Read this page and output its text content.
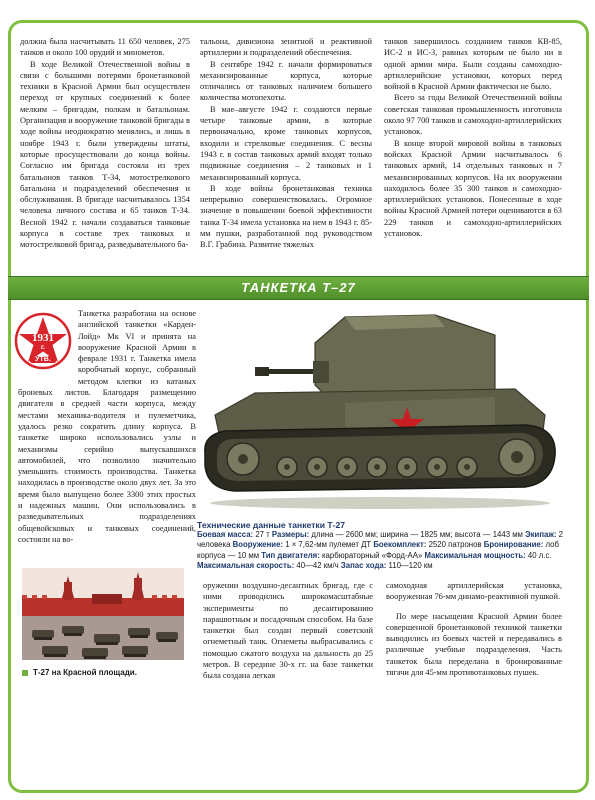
должна была насчитывать 11 650 человек, 275 танков и около 100 орудий и минометов.

В ходе Великой Отечественной войны в связи с большими потерями бронетанковой техники в Красной Армии был осуществлен переход от крупных соединений к более мелким – бригадам, полкам и батальонам. Организация и вооружение танковой бригады в ходе войны неоднократно менялись, и лишь в ноябре 1943 г. были утверждены штаты, которые просуществовали до конца войны. Согласно им бригада состояла из трех батальонов танков Т-34, мотострелкового батальона и подразделений обеспечения и обслуживания. В бригаде насчитывалось 1354 человека личного состава и 65 танков Т-34. Весной 1942 г. начали создаваться танковые корпуса в составе трех танковых и мотострелковой бригад, разведывательного ба-

тальона, дивизиона зенитной и реактивной артиллерии и подразделений обеспечения.

В сентябре 1942 г. начали формироваться механизированные корпуса, которые отличались от танковых наличием большего количества мотопехоты.

В мае–августе 1942 г. создаются первые четыре танковые армии, в которые первоначально, кроме танковых корпусов, входили и стрелковые соединения. С весны 1943 г. в состав танковых армий входят только подвижные соединения – 2 танковых и 1 механизированный корпуса.

В ходе войны бронетанковая техника непрерывно совершенствовалась. Огромное значение в повышении боевой эффективности танка Т-34 имела установка на нем в 1943 г. 85-мм пушки, разработанной под руководством В.Г. Грабина. Развитие тяжелых

танков завершилось созданием танков КВ-85, ИС-2 и ИС-3, равных которым не было ни в одной армии мира. Были созданы самоходно-артиллерийские установки, которых перед войной в Красной Армии фактически не было.

Всего за годы Великой Отечественной войны советская танковая промышленность изготовила около 97 700 танков и самоходно-артиллерийских установок.

В конце второй мировой войны в танковых войсках Красной Армии насчитывалось 6 танковых армий, 14 отдельных танковых и 7 механизированных корпусов. На их вооружении находилось более 35 300 танков и самоходно-артиллерийских установок. Понесенные в ходе войны Красной Армией потери оцениваются в 63 229 танков и самоходно-артиллерийских установок.

ТАНКЕТКА Т–27
1931
г.
УТВ.

Танкетка разработана на основе английской танкетки «Карден-Лойд» Мк VI и принята на вооружение Красной Армии в феврале 1931 г. Танкетка имела коробчатый корпус, собранный методом клепки из катаных броневых листов. Благодаря размещению двигателя в средней части корпуса, между местами механика-водителя и пулеметчика, удалось резко сократить длину корпуса. В танкетке широко использовались узлы и механизмы серийно выпускавшихся автомобилей, что позволило значительно уменьшить стоимость производства. Танкетка находилась в производстве около двух лет. За это время было выпущено более 3300 этих простых и надежных машин. Они использовались в разведывательных подразделениях общевойсковых и танковых соединений, состояли на во-

Технические данные танкетки Т-27
Боевая масса: 27 т Размеры: длина — 2600 мм; ширина — 1825 мм; высота — 1443 мм Экипаж: 2 человека Вооружение: 1 × 7,62-мм пулемет ДТ Боекомплект: 2520 патронов Бронирование: лоб корпуса — 10 мм Тип двигателя: карбюраторный «Форд-АА» Максимальная мощность: 40 л.с. Максимальная скорость: 40—42 км/ч Запас хода: 110—120 км
Т-27 на Красной площади.

оружении воздушно-десантных бригад, где с ними проводились широкомасштабные эксперименты по десантированию парашютным и посадочным способом. На базе танкетки был создан первый советский огнеметный танк. Огнеметы выбрасывались с помощью сжатого воздуха на дальность до 25 метров. В середине 30-х гг. на базе танкетки была создана легкая

самоходная артиллерийская установка, вооруженная 76-мм динамо-реактивной пушкой.

По мере насыщения Красной Армии более совершенной бронетанковой техникой танкетки выводились из боевых частей и передавались в различные учебные подразделения. Часть танкеток была переделана в бронированные тягачи для 45-мм противотанковых пушек.
